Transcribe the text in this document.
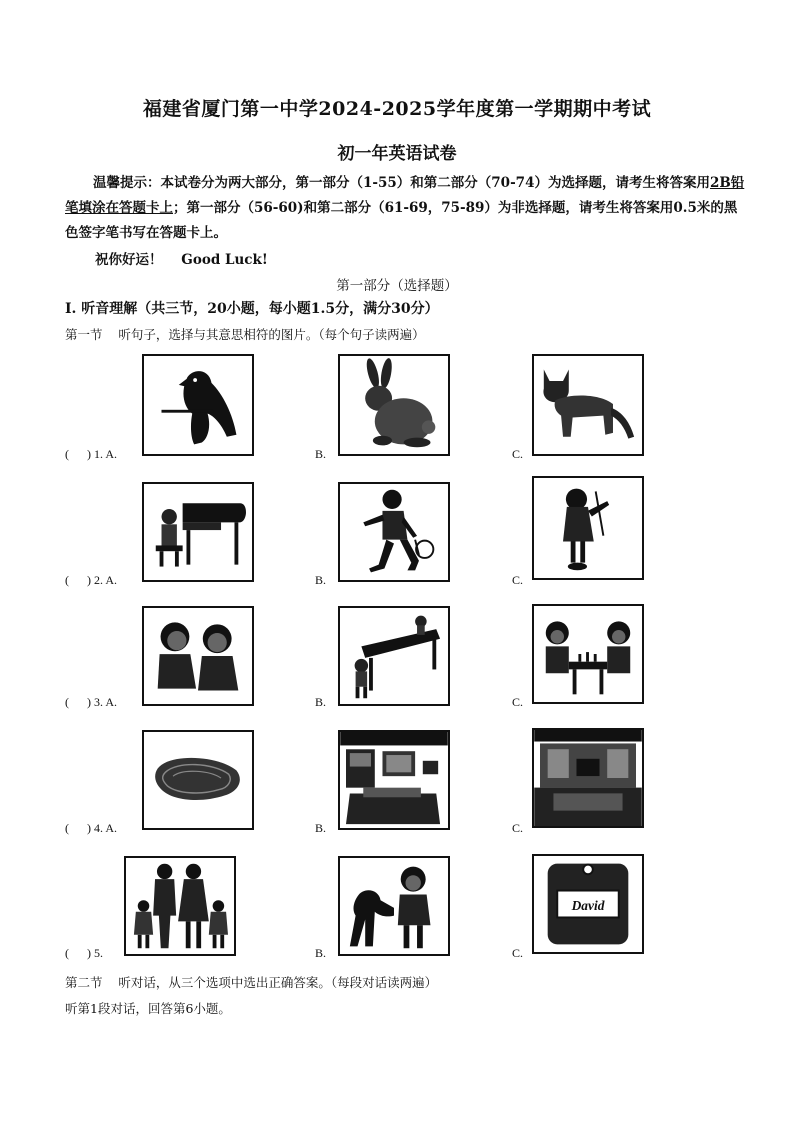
福建省厦门第一中学2024-2025学年度第一学期期中考试
初一年英语试卷
温馨提示：本试卷分为两大部分，第一部分（1-55）和第二部分（70-74）为选择题，请考生将答案用2B铅笔填涂在答题卡上；第一部分（56-60)和第二部分（61-69，75-89）为非选择题，请考生将答案用0.5米的黑色签字笔书写在答题卡上。
祝你好运！    Good Luck!
第一部分（选择题）
Ⅰ. 听音理解（共三节，20小题，每小题1.5分，满分30分）
第一节    听句子，选择与其意思相符的图片。（每个句子读两遍）
(      ) 1. A.	B.	C.
(      ) 2. A.	B.	C.
(      ) 3. A.	B.	C.
(      ) 4. A.	B.	C.
(      ) 5.	B.	C.
David
第二节    听对话，从三个选项中选出正确答案。（每段对话读两遍）
听第1段对话，回答第6小题。
